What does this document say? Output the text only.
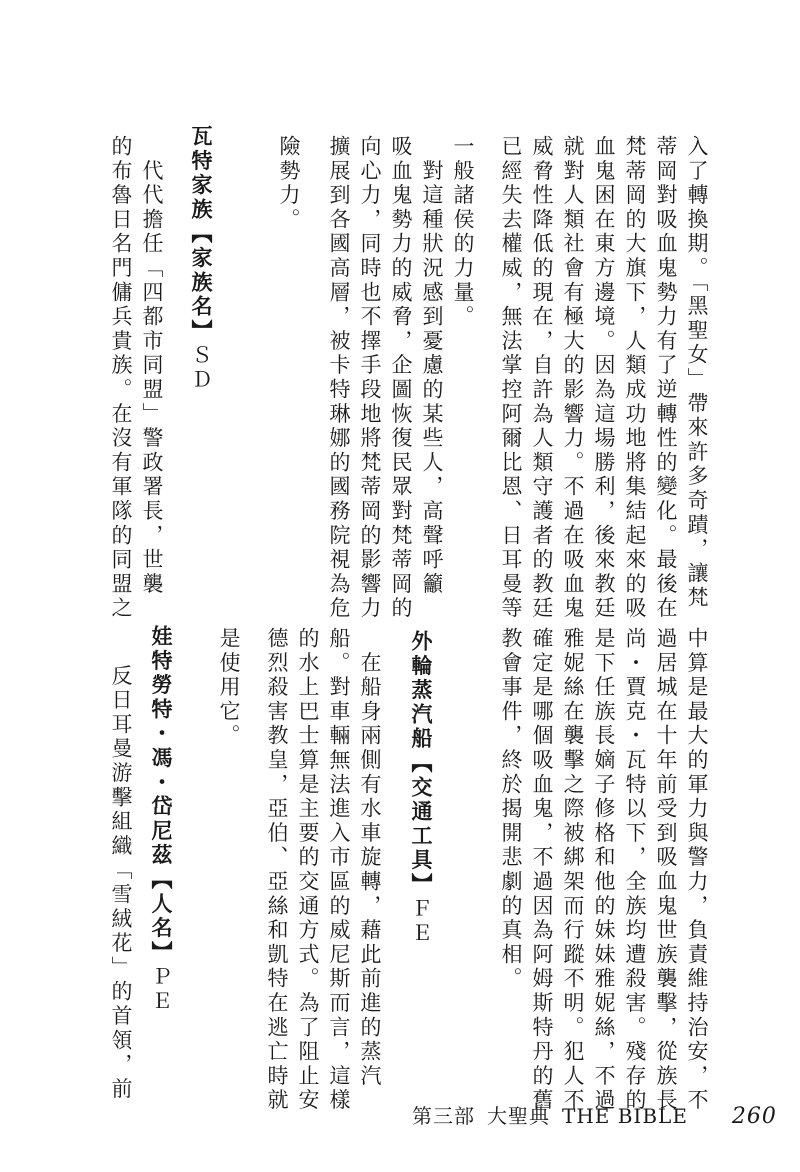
入了轉換期。「黑聖女」帶來許多奇蹟，讓梵
蒂岡對吸血鬼勢力有了逆轉性的變化。最後在
梵蒂岡的大旗下，人類成功地將集結起來的吸
血鬼困在東方邊境。因為這場勝利，後來教廷
就對人類社會有極大的影響力。不過在吸血鬼
威脅性降低的現在，自許為人類守護者的教廷
已經失去權威，無法掌控阿爾比恩、日耳曼等
一般諸侯的力量。
　對這種狀況感到憂慮的某些人，高聲呼籲
吸血鬼勢力的威脅，企圖恢復民眾對梵蒂岡的
向心力，同時也不擇手段地將梵蒂岡的影響力
擴展到各國高層，被卡特琳娜的國務院視為危
險勢力。
瓦特家族【家族名】ＳＤ
　代代擔任「四都市同盟」警政署長，世襲
的布魯日名門傭兵貴族。在沒有軍隊的同盟之
中算是最大的軍力與警力，負責維持治安，不
過居城在十年前受到吸血鬼世族襲擊，從族長
尚・賈克・瓦特以下，全族均遭殺害。殘存的
是下任族長嫡子修格和他的妹妹雅妮絲，不過
雅妮絲在襲擊之際被綁架而行蹤不明。犯人不
確定是哪個吸血鬼，不過因為阿姆斯特丹的舊
教會事件，終於揭開悲劇的真相。
外輪蒸汽船【交通工具】ＦＥ
　在船身兩側有水車旋轉，藉此前進的蒸汽
船。對車輛無法進入市區的威尼斯而言，這樣
的水上巴士算是主要的交通方式。為了阻止安
德烈殺害教皇，亞伯、亞絲和凱特在逃亡時就
是使用它。
娃特勞特・馮・岱尼茲【人名】ＰＥ
　反日耳曼游擊組織「雪絨花」的首領，前
第三部 大聖典 THE BIBLE 260
